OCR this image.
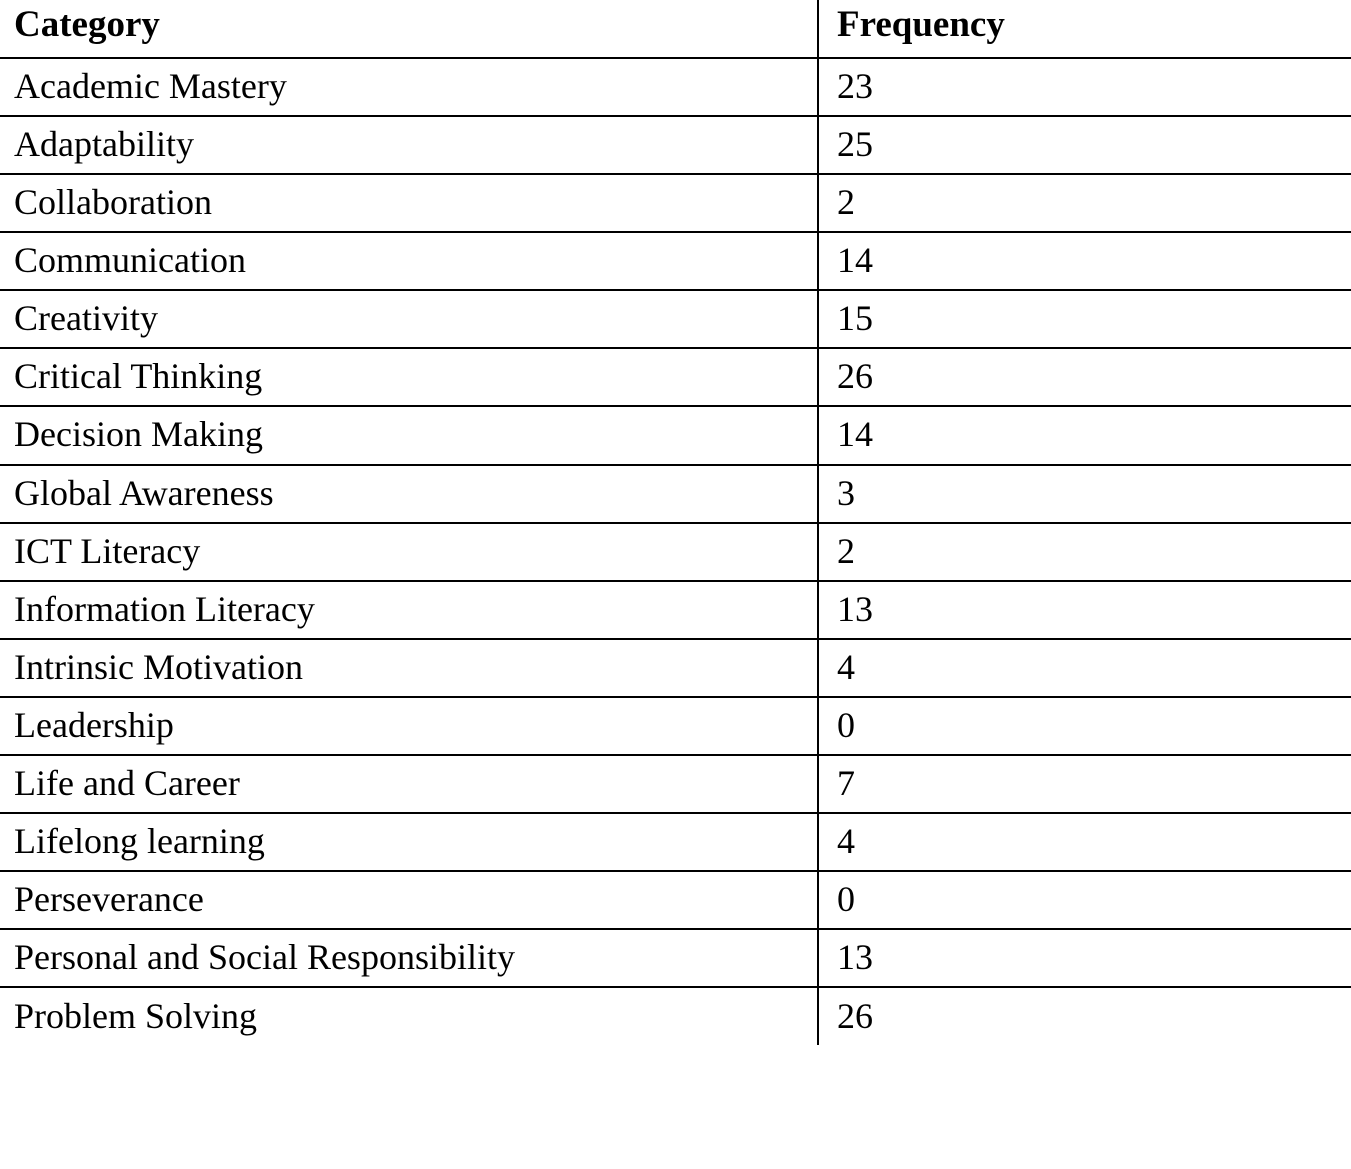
Category	Frequency
Academic Mastery	23
Adaptability	25
Collaboration	2
Communication	14
Creativity	15
Critical Thinking	26
Decision Making	14
Global Awareness	3
ICT Literacy	2
Information Literacy	13
Intrinsic Motivation	4
Leadership	0
Life and Career	7
Lifelong learning	4
Perseverance	0
Personal and Social Responsibility	13
Problem Solving	26
